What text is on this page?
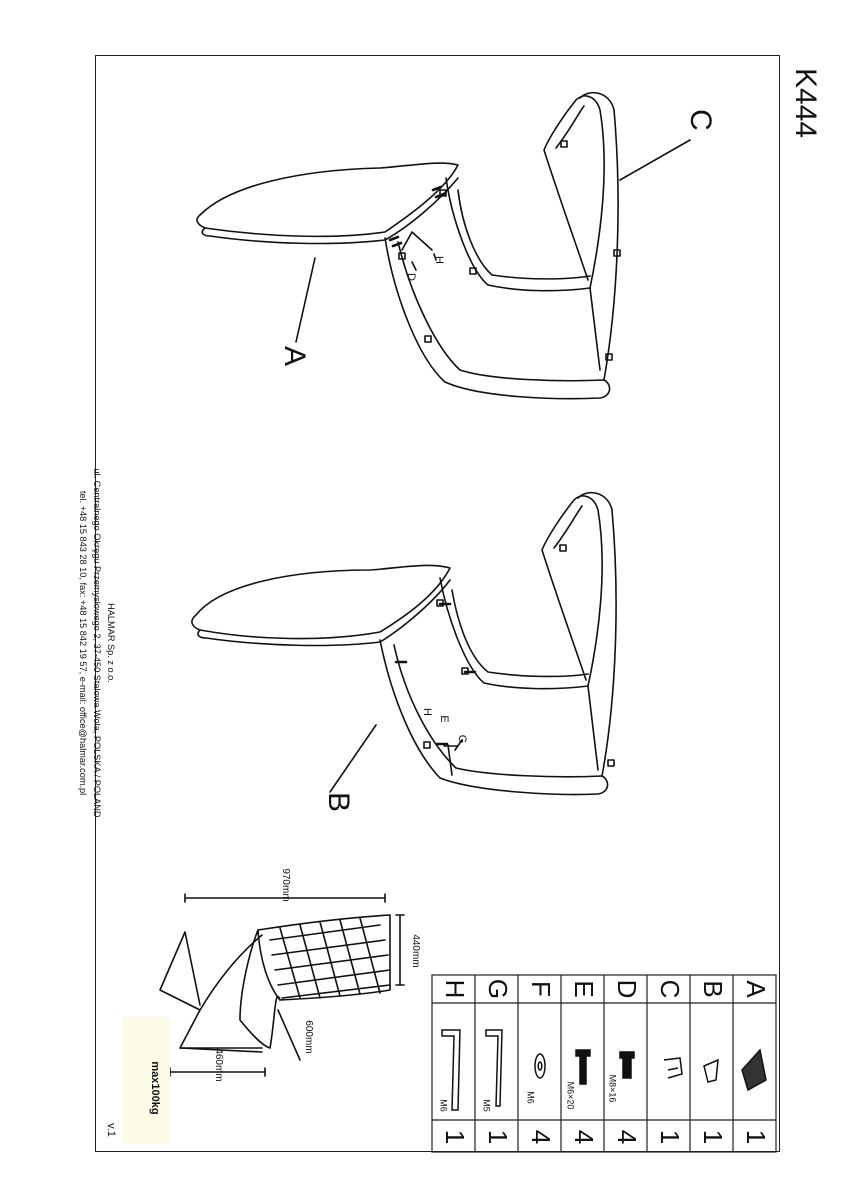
K444
A
B
C
D
H
H
E
G
970mm
440mm
600mm
460mm
HALMAR Sp. z o.o.
ul. Centralnego Okręgu Przemysłowego 2, 37-450 Stalowa Wola, POLSKA / POLAND
tel. +48 15 843 28 10, fax: +48 15 842 19 57, e-mail: office@halmar.com.pl
max100kg
v.1
A
B
C
D
E
F
G
H
M8×16
M6×20
M6
M5
M6
1
1
1
4
4
4
1
1
